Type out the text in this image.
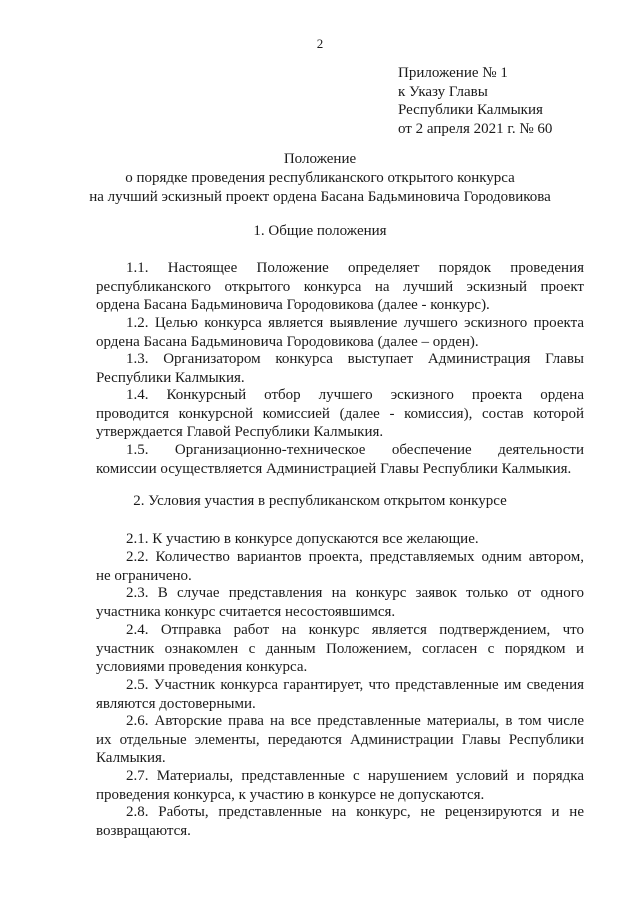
2
Приложение № 1
к Указу Главы
Республики Калмыкия
от 2 апреля 2021 г. № 60
Положение
о порядке проведения республиканского открытого конкурса
на лучший эскизный проект ордена Басана Бадьминовича Городовикова
1. Общие положения
1.1. Настоящее Положение определяет порядок проведения
республиканского открытого конкурса на лучший эскизный проект
ордена Басана Бадьминовича Городовикова (далее - конкурс).
1.2. Целью конкурса является выявление лучшего эскизного проекта
ордена Басана Бадьминовича Городовикова (далее – орден).
1.3. Организатором конкурса выступает Администрация Главы
Республики Калмыкия.
1.4. Конкурсный отбор лучшего эскизного проекта ордена
проводится конкурсной комиссией (далее - комиссия), состав которой
утверждается Главой Республики Калмыкия.
1.5. Организационно-техническое обеспечение деятельности
комиссии осуществляется Администрацией Главы Республики Калмыкия.
2. Условия участия в республиканском открытом конкурсе
2.1. К участию в конкурсе допускаются все желающие.
2.2. Количество вариантов проекта, представляемых одним автором,
не ограничено.
2.3. В случае представления на конкурс заявок только от одного
участника конкурс считается несостоявшимся.
2.4. Отправка работ на конкурс является подтверждением, что
участник ознакомлен с данным Положением, согласен с порядком и
условиями проведения конкурса.
2.5. Участник конкурса гарантирует, что представленные им сведения
являются достоверными.
2.6. Авторские права на все представленные материалы, в том числе
их отдельные элементы, передаются Администрации Главы Республики
Калмыкия.
2.7. Материалы, представленные с нарушением условий и порядка
проведения конкурса, к участию в конкурсе не допускаются.
2.8. Работы, представленные на конкурс, не рецензируются и не
возвращаются.
